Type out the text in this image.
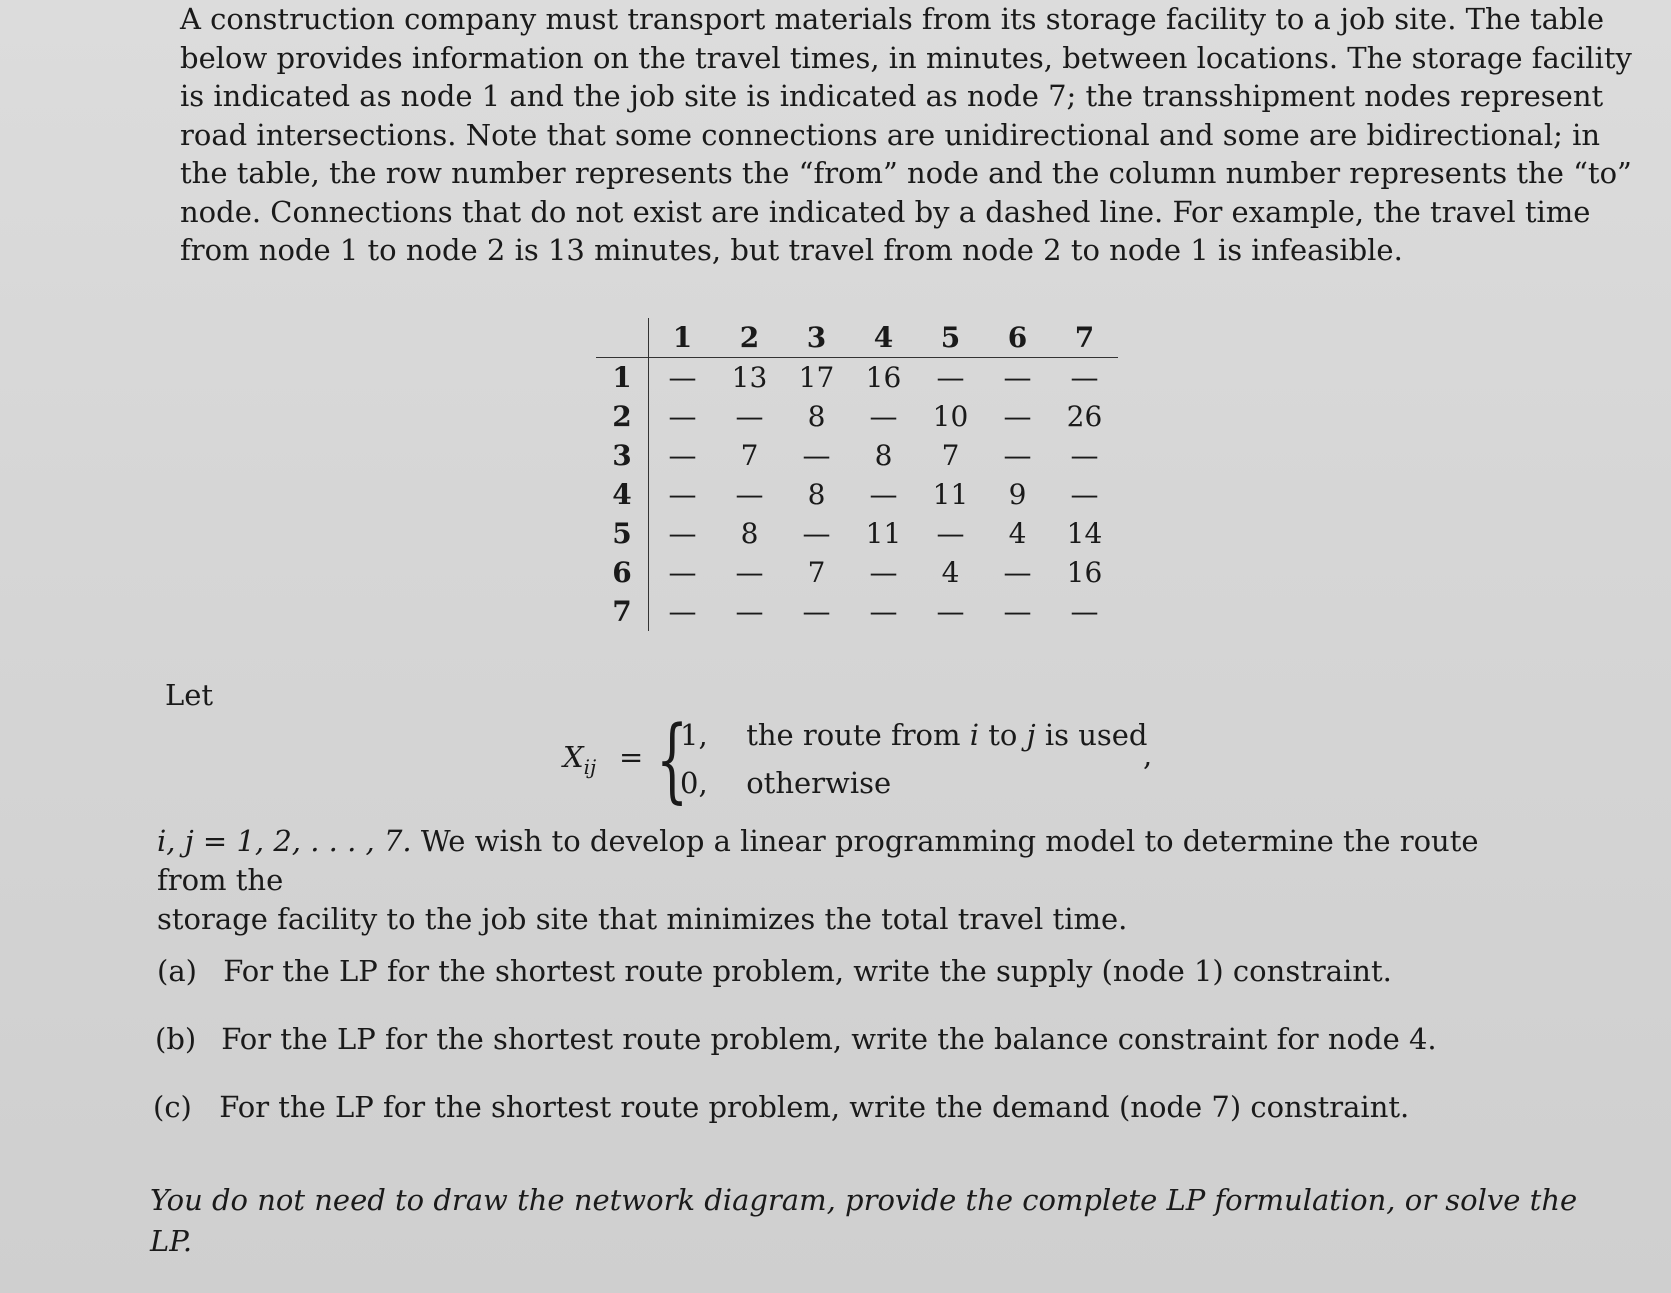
A construction company must transport materials from its storage facility to a job site. The table
below provides information on the travel times, in minutes, between locations. The storage facility
is indicated as node 1 and the job site is indicated as node 7; the transshipment nodes represent
road intersections. Note that some connections are unidirectional and some are bidirectional; in
the table, the row number represents the “from” node and the column number represents the “to”
node. Connections that do not exist are indicated by a dashed line. For example, the travel time
from node 1 to node 2 is 13 minutes, but travel from node 2 to node 1 is infeasible.
	1	2	3	4	5	6	7
1	—	13	17	16	—	—	—
2	—	—	8	—	10	—	26
3	—	7	—	8	7	—	—
4	—	—	8	—	11	9	—
5	—	8	—	11	—	4	14
6	—	—	7	—	4	—	16
7	—	—	—	—	—	—	—
Let
$X_{ij}$ = {
1, the route from i to j is used
0, otherwise
,
i, j = 1, 2, . . . , 7. We wish to develop a linear programming model to determine the route from the
storage facility to the job site that minimizes the total travel time.
(a) For the LP for the shortest route problem, write the supply (node 1) constraint.
(b) For the LP for the shortest route problem, write the balance constraint for node 4.
(c) For the LP for the shortest route problem, write the demand (node 7) constraint.
You do not need to draw the network diagram, provide the complete LP formulation, or solve the
LP.
